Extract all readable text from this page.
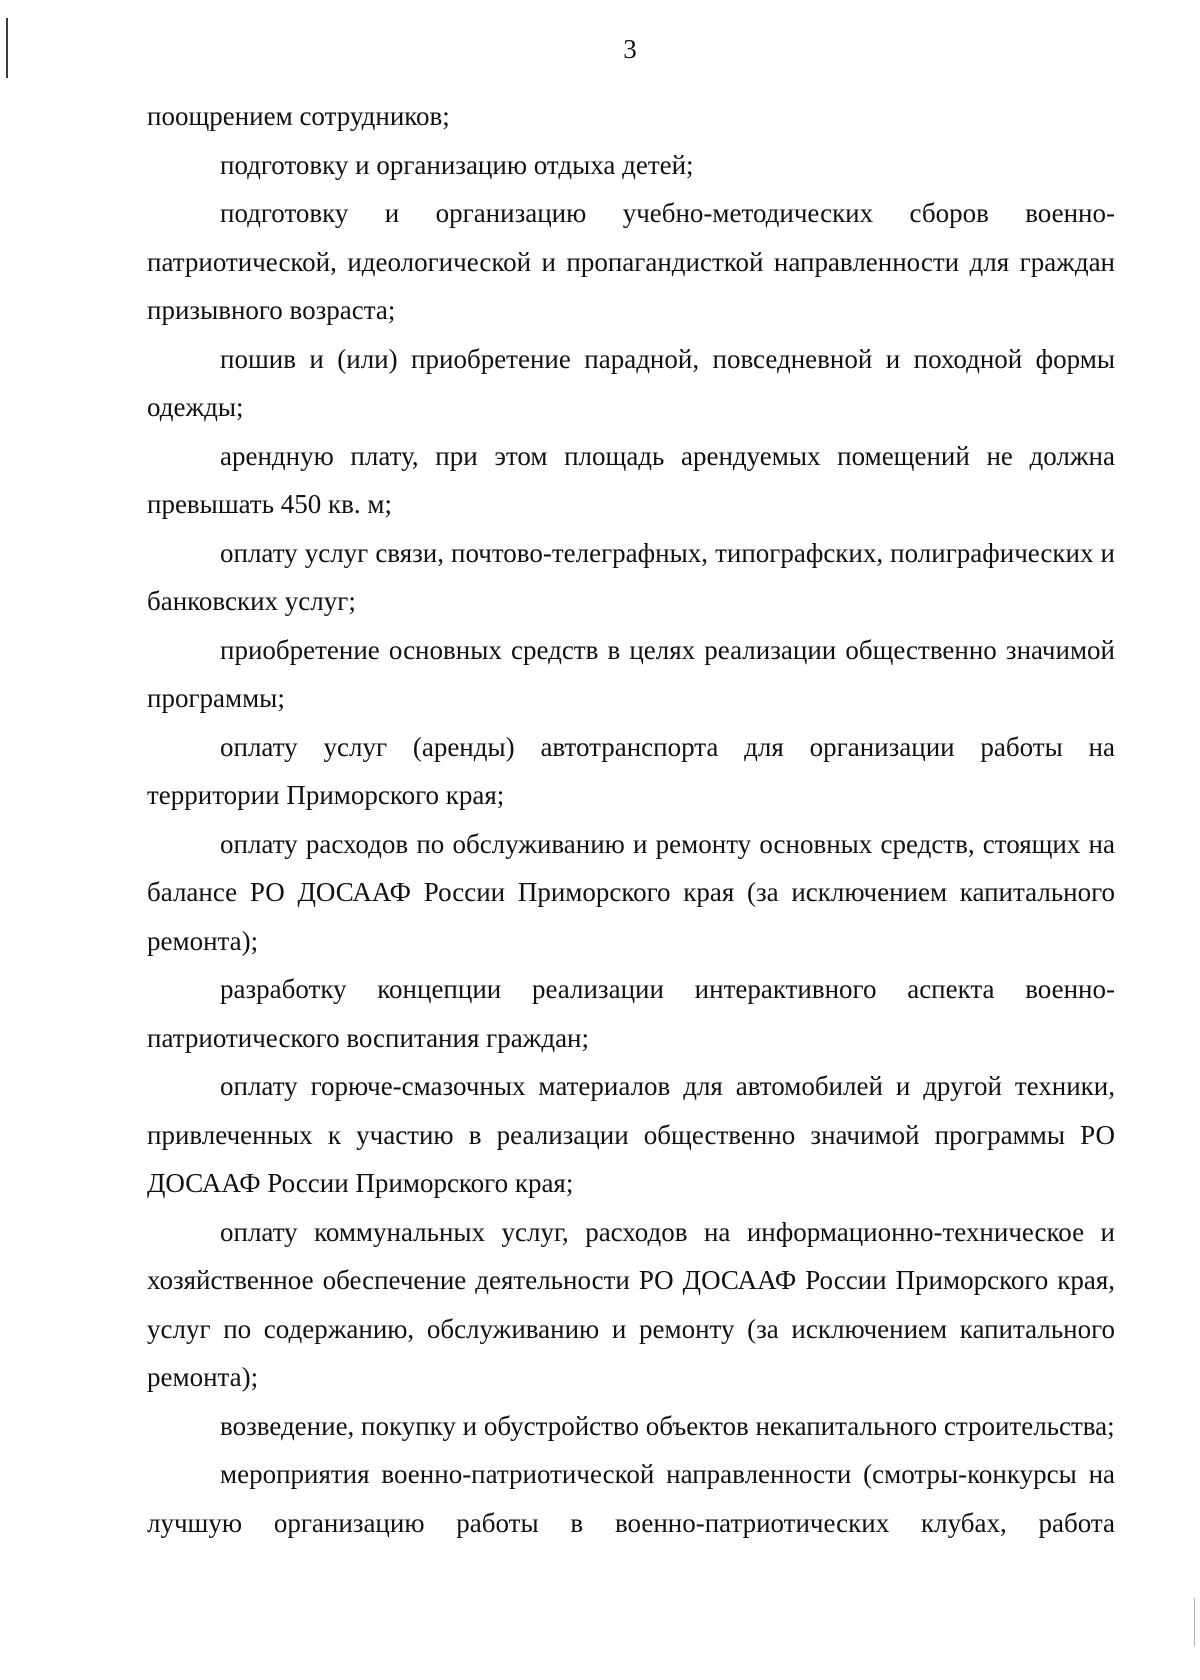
3

поощрением сотрудников;

подготовку и организацию отдыха детей;

подготовку и организацию учебно-методических сборов военно-патриотической, идеологической и пропагандисткой направленности для граждан призывного возраста;

пошив и (или) приобретение парадной, повседневной и походной формы одежды;

арендную плату, при этом площадь арендуемых помещений не должна превышать 450 кв. м;

оплату услуг связи, почтово-телеграфных, типографских, полиграфических и банковских услуг;

приобретение основных средств в целях реализации общественно значимой программы;

оплату услуг (аренды) автотранспорта для организации работы на территории Приморского края;

оплату расходов по обслуживанию и ремонту основных средств, стоящих на балансе РО ДОСААФ России Приморского края (за исключением капитального ремонта);

разработку концепции реализации интерактивного аспекта военно-патриотического воспитания граждан;

оплату горюче-смазочных материалов для автомобилей и другой техники, привлеченных к участию в реализации общественно значимой программы РО ДОСААФ России Приморского края;

оплату коммунальных услуг, расходов на информационно-техническое и хозяйственное обеспечение деятельности РО ДОСААФ России Приморского края, услуг по содержанию, обслуживанию и ремонту (за исключением капитального ремонта);

возведение, покупку и обустройство объектов некапитального строительства;

мероприятия военно-патриотической направленности (смотры-конкурсы на лучшую организацию работы в военно-патриотических клубах, работа
